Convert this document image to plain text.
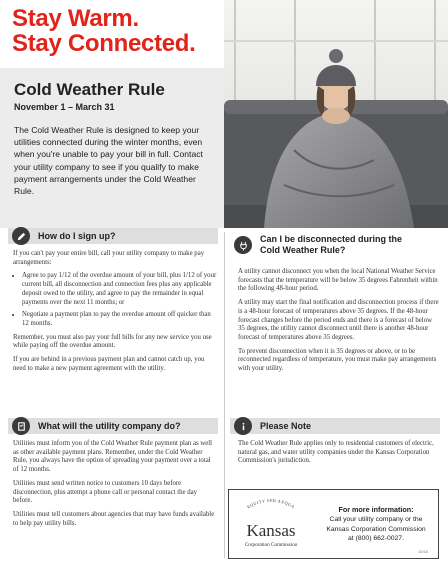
Stay Warm.
Stay Connected.
Cold Weather Rule
November 1 – March 31
The Cold Weather Rule is designed to keep your utilities connected during the winter months, even when you're unable to pay your bill in full. Contact your utility company to see if you qualify to make payment arrangements under the Cold Weather Rule.
How do I sign up?

If you can't pay your entire bill, call your utility company to make pay arrangements:

• Agree to pay 1/12 of the overdue amount of your bill, plus 1/12 of your current bill, all disconnection and connection fees plus any applicable deposit owed to the utility, and agree to pay the remainder in equal payments over the next 11 months; or
• Negotiate a payment plan to pay the overdue amount off quicker than 12 months.

Remember, you must also pay your full bills for any new service you use while paying off the overdue amount.

If you are behind in a previous payment plan and cannot catch up, you need to make a new payment agreement with the utility.

What will the utility company do?

Utilities must inform you of the Cold Weather Rule payment plan as well as other available payment plans. Remember, under the Cold Weather Rule, you always have the option of spreading your payment over a total of 12 months.

Utilities must send written notice to customers 10 days before disconnection, plus attempt a phone call or personal contact the day before.

Utilities must tell customers about agencies that may have funds available to help pay utility bills.

Can I be disconnected during the
Cold Weather Rule?

A utility cannot disconnect you when the local National Weather Service forecasts that the temperature will be below 35 degrees Fahrenheit within the following 48-hour period.

A utility may start the final notification and disconnection process if there is a 48-hour forecast of temperatures above 35 degrees. If the 48-hour forecast changes before the period ends and there is a forecast of below 35 degrees, the utility cannot disconnect until there is another 48-hour forecast of temperatures above 35 degrees.

To prevent disconnection when it is 35 degrees or above, or to be reconnected regardless of temperature, you must make pay arrangements with your utility.

Please Note

The Cold Weather Rule applies only to residential customers of electric, natural gas, and water utility companies under the Kansas Corporation Commission's jurisdiction.

EQUITY PER AEQUA
Kansas
Corporation Commission
For more information:
Call your utility company or the
Kansas Corporation Commission
at (800) 662-0027.
10/16
